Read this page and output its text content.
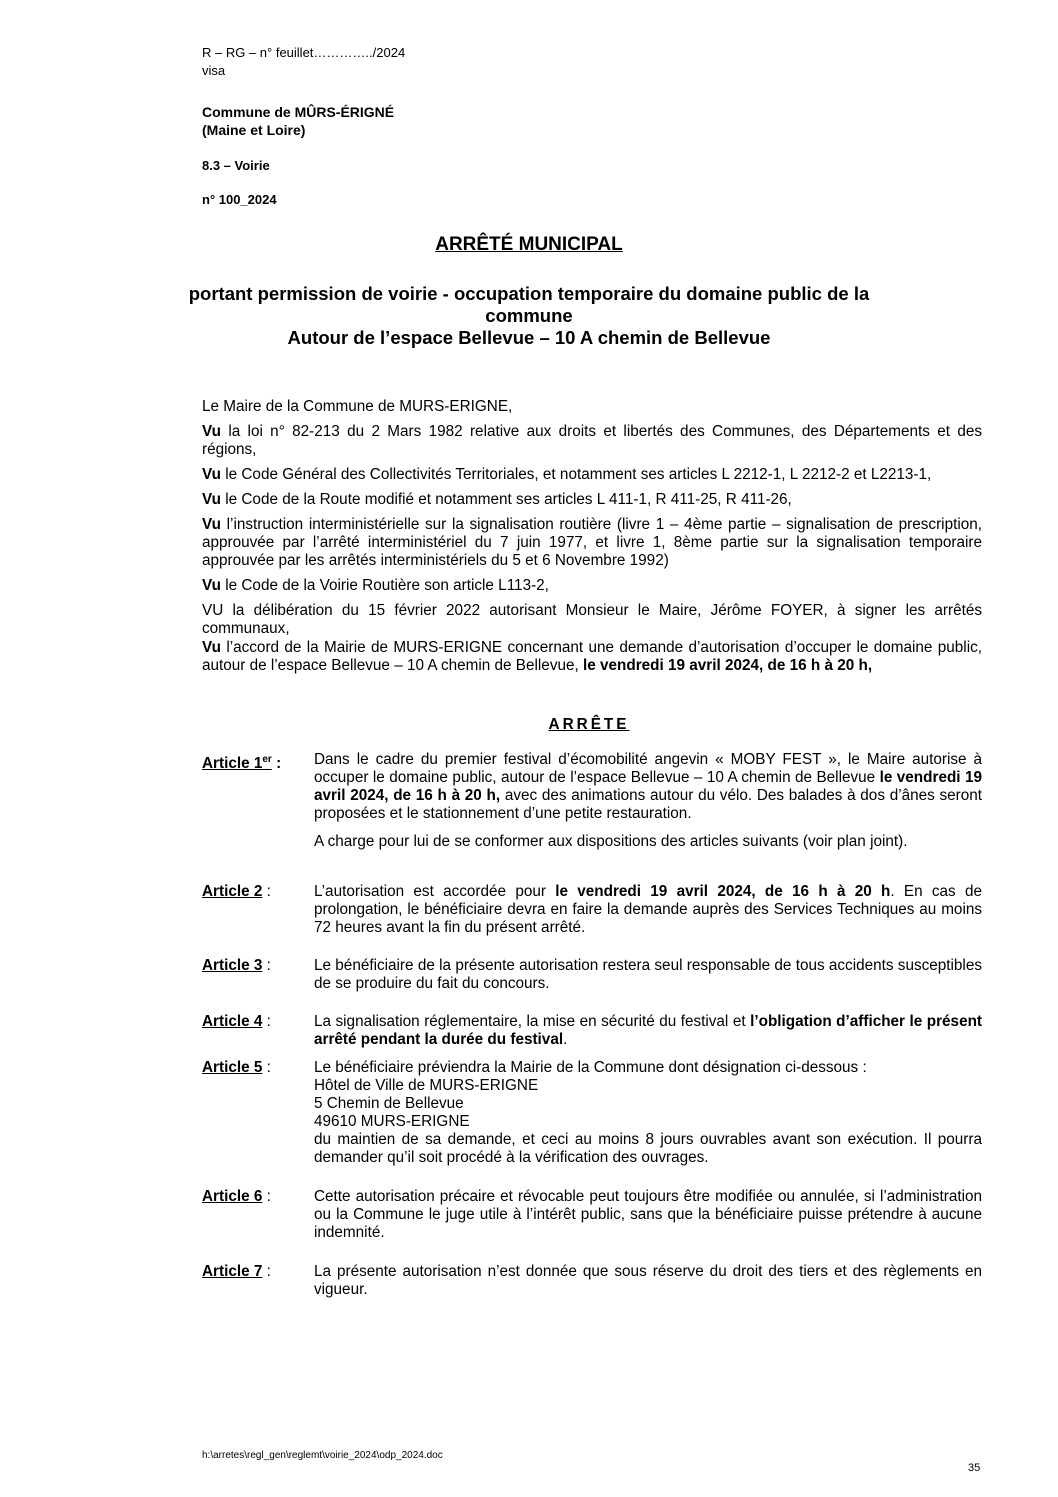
R – RG – n° feuillet…………../2024
visa
Commune de MÛRS-ÉRIGNÉ
(Maine et Loire)
8.3 – Voirie
n° 100_2024
ARRÊTÉ MUNICIPAL
portant permission de voirie - occupation temporaire du domaine public de la
commune
Autour de l’espace Bellevue – 10 A chemin de Bellevue

Le Maire de la Commune de MURS-ERIGNE,

Vu la loi n° 82-213 du 2 Mars 1982 relative aux droits et libertés des Communes, des Départements et des régions,

Vu le Code Général des Collectivités Territoriales, et notamment ses articles L 2212-1, L 2212-2 et L2213-1,

Vu le Code de la Route modifié et notamment ses articles L 411-1, R 411-25, R 411-26,

Vu l’instruction interministérielle sur la signalisation routière (livre 1 – 4ème partie – signalisation de prescription, approuvée par l’arrêté interministériel du 7 juin 1977, et livre 1, 8ème partie sur la signalisation temporaire approuvée par les arrêtés interministériels du 5 et 6 Novembre 1992)

Vu le Code de la Voirie Routière son article L113-2,

VU la délibération du 15 février 2022 autorisant Monsieur le Maire, Jérôme FOYER, à signer les arrêtés communaux,

Vu l’accord de la Mairie de MURS-ERIGNE concernant une demande d’autorisation d’occuper le domaine public, autour de l’espace Bellevue – 10 A chemin de Bellevue, le vendredi 19 avril 2024, de 16 h à 20 h,

ARRÊTE
Article 1er : Dans le cadre du premier festival d’écomobilité angevin « MOBY FEST », le Maire autorise à occuper le domaine public, autour de l’espace Bellevue – 10 A chemin de Bellevue le vendredi 19 avril 2024, de 16 h à 20 h, avec des animations autour du vélo. Des balades à dos d’ânes seront proposées et le stationnement d’une petite restauration.

A charge pour lui de se conformer aux dispositions des articles suivants (voir plan joint).

Article 2 :	L’autorisation est accordée pour le vendredi 19 avril 2024, de 16 h à 20 h. En cas de prolongation, le bénéficiaire devra en faire la demande auprès des Services Techniques au moins 72 heures avant la fin du présent arrêté.
Article 3 :	Le bénéficiaire de la présente autorisation restera seul responsable de tous accidents susceptibles de se produire du fait du concours.
Article 4 :	La signalisation réglementaire, la mise en sécurité du festival et l’obligation d’afficher le présent arrêté pendant la durée du festival.
Article 5 :	Le bénéficiaire préviendra la Mairie de la Commune dont désignation ci-dessous :

Hôtel de Ville de MURS-ERIGNE

5 Chemin de Bellevue

49610 MURS-ERIGNE

du maintien de sa demande, et ceci au moins 8 jours ouvrables avant son exécution. Il pourra demander qu’il soit procédé à la vérification des ouvrages.

Article 6 :	Cette autorisation précaire et révocable peut toujours être modifiée ou annulée, si l’administration ou la Commune le juge utile à l’intérêt public, sans que la bénéficiaire puisse prétendre à aucune indemnité.
Article 7 :	La présente autorisation n’est donnée que sous réserve du droit des tiers et des règlements en vigueur.
h:\arretes\regl_gen\reglemt\voirie_2024\odp_2024.doc
35
